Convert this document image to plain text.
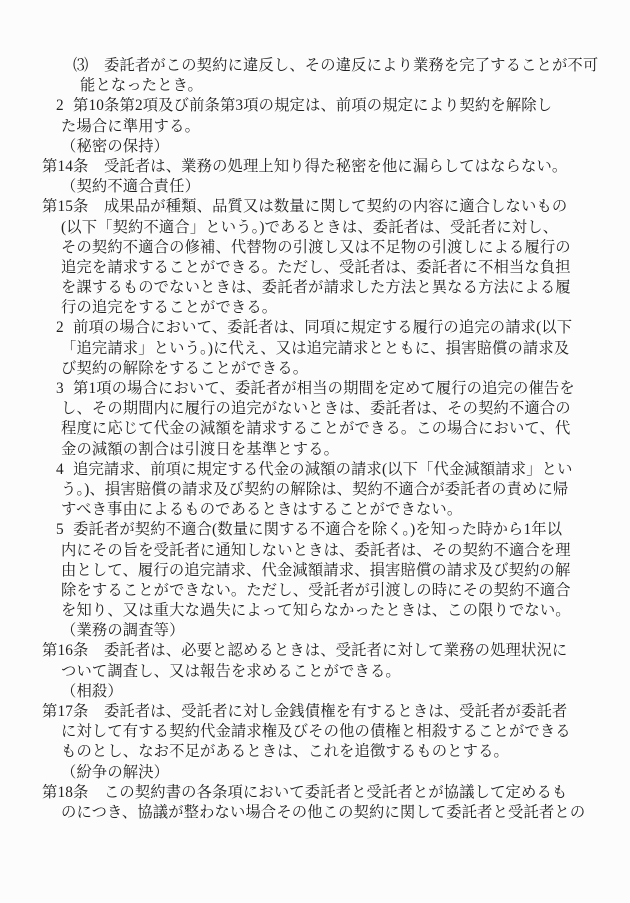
⑶ 委託者がこの契約に違反し、その違反により業務を完了することが不可
能となったとき。
2 第10条第2項及び前条第3項の規定は、前項の規定により契約を解除し
た場合に準用する。
（秘密の保持）
第14条　受託者は、業務の処理上知り得た秘密を他に漏らしてはならない。
（契約不適合責任）
第15条　成果品が種類、品質又は数量に関して契約の内容に適合しないもの
(以下「契約不適合」という。)であるときは、委託者は、受託者に対し、
その契約不適合の修補、代替物の引渡し又は不足物の引渡しによる履行の
追完を請求することができる。ただし、受託者は、委託者に不相当な負担
を課するものでないときは、委託者が請求した方法と異なる方法による履
行の追完をすることができる。
2 前項の場合において、委託者は、同項に規定する履行の追完の請求(以下
「追完請求」という。)に代え、又は追完請求とともに、損害賠償の請求及
び契約の解除をすることができる。
3 第1項の場合において、委託者が相当の期間を定めて履行の追完の催告を
し、その期間内に履行の追完がないときは、委託者は、その契約不適合の
程度に応じて代金の減額を請求することができる。この場合において、代
金の減額の割合は引渡日を基準とする。
4 追完請求、前項に規定する代金の減額の請求(以下「代金減額請求」とい
う。)、損害賠償の請求及び契約の解除は、契約不適合が委託者の責めに帰
すべき事由によるものであるときはすることができない。
5 委託者が契約不適合(数量に関する不適合を除く。)を知った時から1年以
内にその旨を受託者に通知しないときは、委託者は、その契約不適合を理
由として、履行の追完請求、代金減額請求、損害賠償の請求及び契約の解
除をすることができない。ただし、受託者が引渡しの時にその契約不適合
を知り、又は重大な過失によって知らなかったときは、この限りでない。
（業務の調査等）
第16条　委託者は、必要と認めるときは、受託者に対して業務の処理状況に
ついて調査し、又は報告を求めることができる。
（相殺）
第17条　委託者は、受託者に対し金銭債権を有するときは、受託者が委託者
に対して有する契約代金請求権及びその他の債権と相殺することができる
ものとし、なお不足があるときは、これを追徴するものとする。
（紛争の解決）
第18条　この契約書の各条項において委託者と受託者とが協議して定めるも
のにつき、協議が整わない場合その他この契約に関して委託者と受託者との
